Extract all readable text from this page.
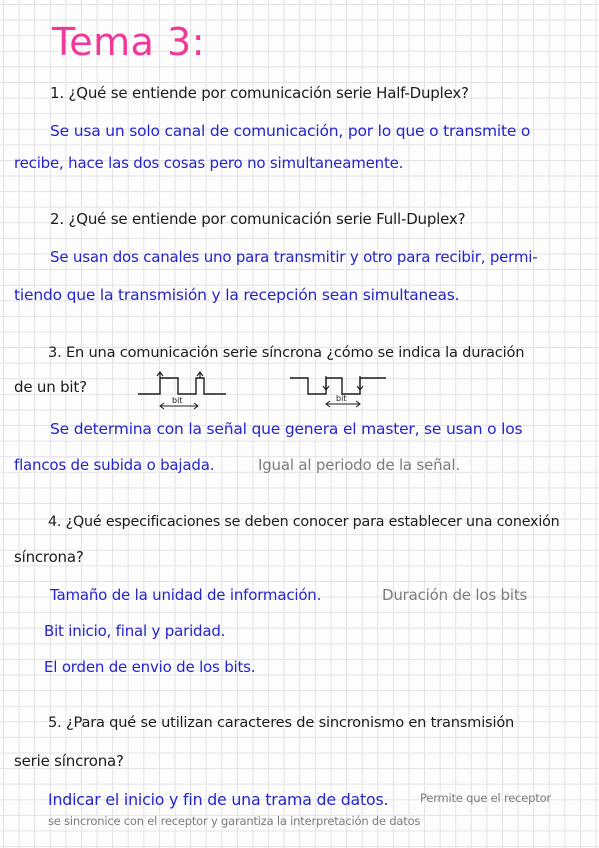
Tema 3:

1. ¿Qué se entiende por comunicación serie Half-Duplex?

Se usa un solo canal de comunicación, por lo que o transmite o

recibe, hace las dos cosas pero no simultaneamente.

2. ¿Qué se entiende por comunicación serie Full-Duplex?

Se usan dos canales uno para transmitir y otro para recibir, permi-

tiendo que la transmisión y la recepción sean simultaneas.

3. En una comunicación serie síncrona ¿cómo se indica la duración

de un bit?

bit	bit

Se determina con la señal que genera el master, se usan o los

flancos de subida o bajada.	Igual al periodo de la señal.

4. ¿Qué especificaciones se deben conocer para establecer una conexión

síncrona?

Tamaño de la unidad de información.	Duración de los bits

Bit inicio, final y paridad.

El orden de envio de los bits.

5. ¿Para qué se utilizan caracteres de sincronismo en transmisión

serie síncrona?

Indicar el inicio y fin de una trama de datos.	Permite que el receptor

se sincronice con el receptor y garantiza la interpretación de datos
